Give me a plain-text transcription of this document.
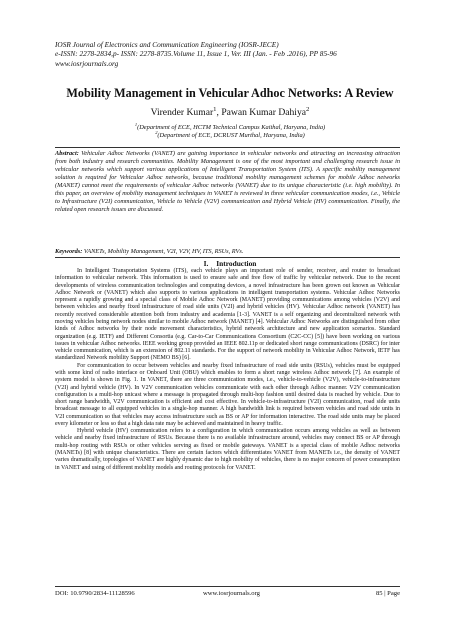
IOSR Journal of Electronics and Communication Engineering (IOSR-JECE)
e-ISSN: 2278-2834,p- ISSN: 2278-8735.Volume 11, Issue 1, Ver. III (Jan. - Feb .2016), PP 85-96
www.iosrjournals.org
Mobility Management in Vehicular Adhoc Networks: A Review
Virender Kumar$^1$, Pawan Kumar Dahiya$^2$
$^1$(Department of ECE, HCTM Technical Campus Kaithal, Haryana, India)
$^2$(Department of ECE, DCRUST Murthal, Haryana, India)
Abstract: Vehicular Adhoc Networks (VANET) are gaining importance in vehicular networks and attracting an increasing attraction from both industry and research communities. Mobility Management is one of the most important and challenging research issue in vehicular networks which support various applications of Intelligent Transportation System (ITS). A specific mobility management solution is required for Vehicular Adhoc networks, because traditional mobility management schemes for mobile Adhoc networks (MANET) cannot meet the requirements of vehicular Adhoc networks (VANET) due to its unique characteristic (i.e. high mobility). In this paper, an overview of mobility management techniques in VANET is reviewed in three vehicular communication modes, i.e., Vehicle to Infrastructure (V2I) communication, Vehicle to Vehicle (V2V) communication and Hybrid Vehicle (HV) communication. Finally, the related open research issues are discussed.
Keywords: VANETs, Mobility Management, V2I, V2V, HV, ITS, RSUs, RVs.
I. Introduction

In Intelligent Transportation Systems (ITS), each vehicle plays an important role of sender, receiver, and router to broadcast information to vehicular network. This information is used to ensure safe and free flow of traffic by vehicular network. Due to the recent developments of wireless communication technologies and computing devices, a novel infrastructure has been grown out known as Vehicular Adhoc Network or (VANET) which also supports to various applications in intelligent transportation systems. Vehicular Adhoc Networks represent a rapidly growing and a special class of Mobile Adhoc Network (MANET) providing communications among vehicles (V2V) and between vehicles and nearby fixed infrastructure of road side units (V2I) and hybrid vehicles (HV). Vehicular Adhoc network (VANET) has recently received considerable attention both from industry and academia [1-3]. VANET is a self organizing and decentralized network with moving vehicles being network nodes similar to mobile Adhoc network (MANET) [4]. Vehicular Adhoc Networks are distinguished from other kinds of Adhoc networks by their node movement characteristics, hybrid network architecture and new application scenarios. Standard organization (e.g. IETF) and Different Consortia (e.g. Car-to-Car Communications Consortium (C2C-CC) [5]) have been working on various issues in vehicular Adhoc networks. IEEE working group provided an IEEE 802.11p or dedicated short range communications (DSRC) for inter vehicle communication, which is an extension of 802.11 standards. For the support of network mobility in Vehicular Adhoc Network, IETF has standardized Network mobility Support (NEMO BS) [6].

For communication to occur between vehicles and nearby fixed infrastructure of road side units (RSUs), vehicles must be equipped with some kind of radio interface or Onboard Unit (OBU) which enables to form a short range wireless Adhoc network [7]. An example of system model is shown in Fig. 1. In VANET, there are three communication modes, i.e., vehicle-to-vehicle (V2V), vehicle-to-infrastructure (V2I) and hybrid vehicle (HV). In V2V communication vehicles communicate with each other through Adhoc manner. V2V communication configuration is a multi-hop unicast where a message is propagated through multi-hop fashion until desired data is reached by vehicle. Due to short range bandwidth, V2V communication is efficient and cost effective. In vehicle-to-infrastructure (V2I) communication, road side units broadcast message to all equipped vehicles in a single-hop manner. A high bandwidth link is required between vehicles and road side units in V2I communication so that vehicles may access infrastructure such as BS or AP for information interactive. The road side units may be placed every kilometer or less so that a high data rate may be achieved and maintained in heavy traffic.

Hybrid vehicle (HV) communication refers to a configuration in which communication occurs among vehicles as well as between vehicle and nearby fixed infrastructure of RSUs. Because there is no available infrastructure around, vehicles may connect BS or AP through multi-hop routing with RSUs or other vehicles serving as fixed or mobile gateways. VANET is a special class of mobile Adhoc networks (MANETs) [8] with unique characteristics. There are certain factors which differentiates VANET from MANETs i.e., the density of VANET varies dramatically, topologies of VANET are highly dynamic due to high mobility of vehicles, there is no major concern of power consumption in VANET and using of different mobility models and routing protocols for VANET.

DOI: 10.9790/2834-11128596	www.iosrjournals.org	85 | Page
